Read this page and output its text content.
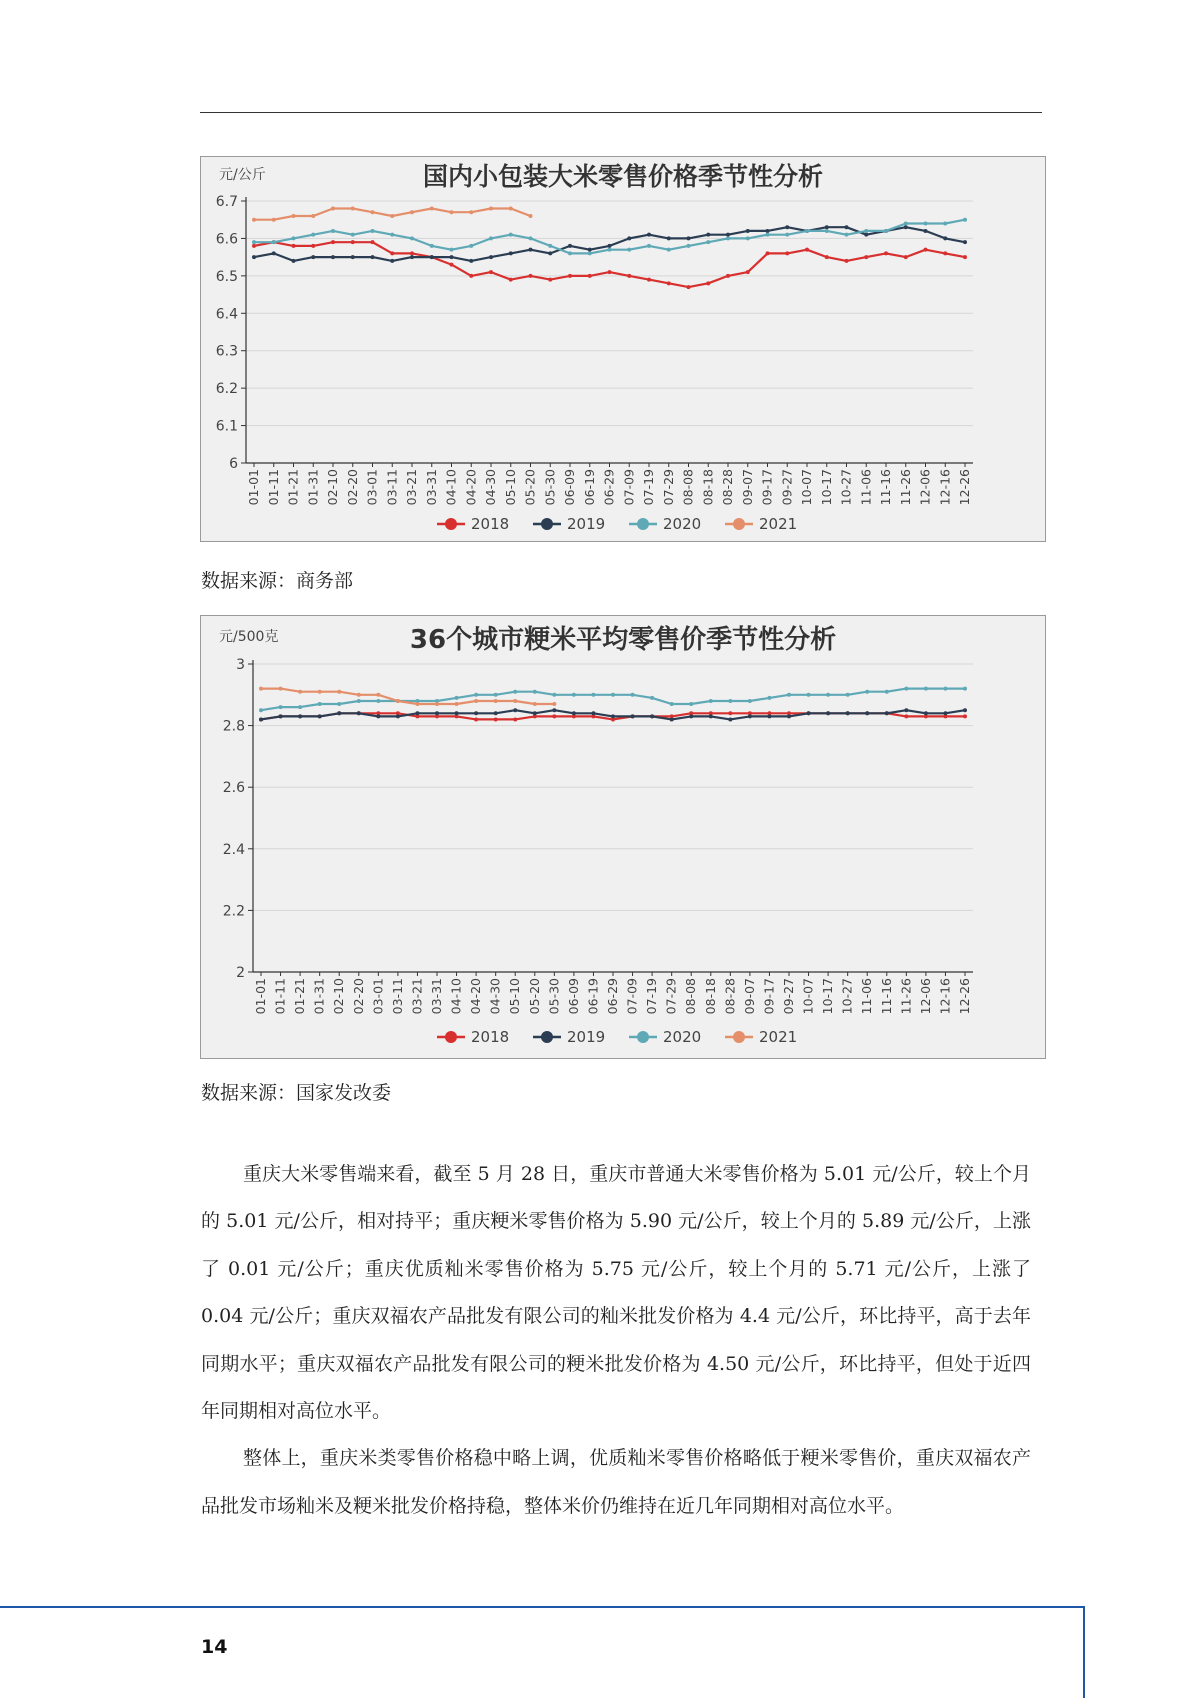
6.7
6.6
6.5
6.4
6.3
6.2
6.1
6
01-01 01-11 01-21 01-31 02-10 02-20 03-01 03-11 03-21 03-31 04-10 04-20 04-30 05-10 05-20 05-30 06-09 06-19 06-29 07-09 07-19 07-29 08-08 08-18 08-28 09-07 09-17 09-27 10-07 10-17 10-27 11-06 11-16 11-26 12-06 12-16 12-26
国内小包装大米零售价格季节性分析
元/公斤
2018	2019	2020	2021
数据来源：商务部
3
2.8
2.6
2.4
2.2
2
01-01 01-11 01-21 01-31 02-10 02-20 03-01 03-11 03-21 03-31 04-10 04-20 04-30 05-10 05-20 05-30 06-09 06-19 06-29 07-09 07-19 07-29 08-08 08-18 08-28 09-07 09-17 09-27 10-07 10-17 10-27 11-06 11-16 11-26 12-06 12-16 12-26
36个城市粳米平均零售价季节性分析
元/500克
2018	2019	2020	2021
数据来源：国家发改委

重庆大米零售端来看，截至 5 月 28 日，重庆市普通大米零售价格为 5.01 元/公斤，较上个月的 5.01 元/公斤，相对持平；重庆粳米零售价格为 5.90 元/公斤，较上个月的 5.89 元/公斤，上涨了 0.01 元/公斤；重庆优质籼米零售价格为 5.75 元/公斤，较上个月的 5.71 元/公斤，上涨了 0.04 元/公斤；重庆双福农产品批发有限公司的籼米批发价格为 4.4 元/公斤，环比持平，高于去年同期水平；重庆双福农产品批发有限公司的粳米批发价格为 4.50 元/公斤，环比持平，但处于近四年同期相对高位水平。

整体上，重庆米类零售价格稳中略上调，优质籼米零售价格略低于粳米零售价，重庆双福农产品批发市场籼米及粳米批发价格持稳，整体米价仍维持在近几年同期相对高位水平。

14
